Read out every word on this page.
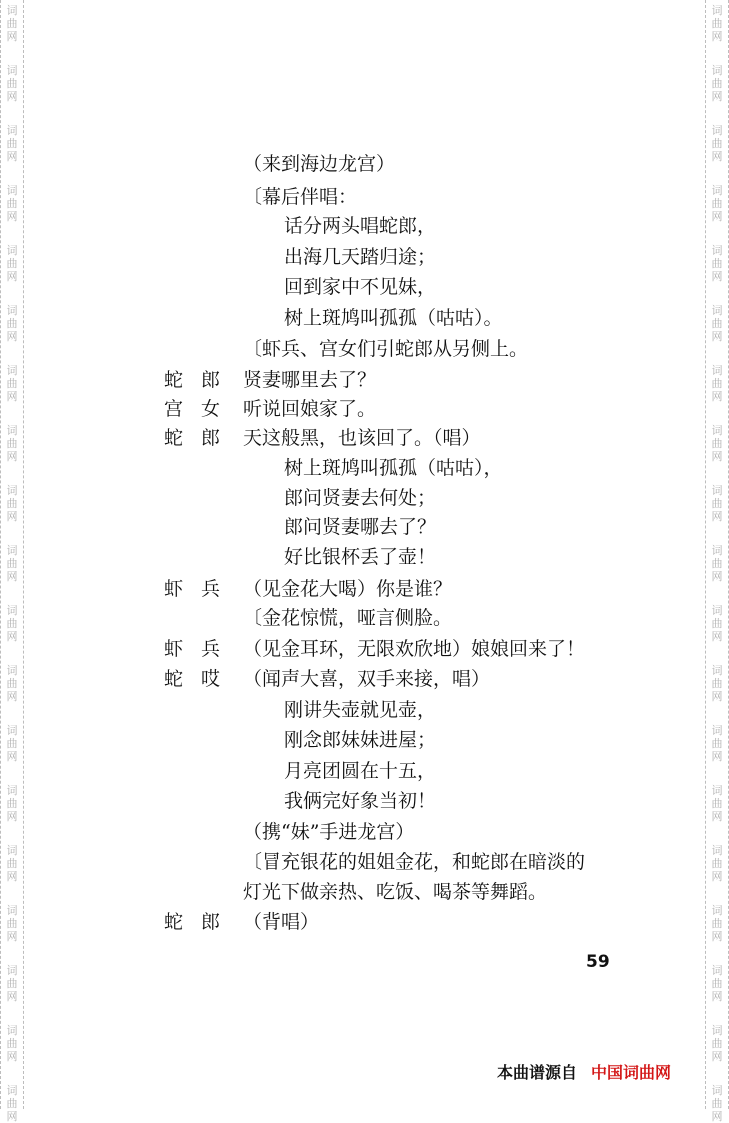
词
曲
网
词
曲
网
词
曲
网
词
曲
网
词
曲
网
词
曲
网
词
曲
网
词
曲
网
词
曲
网
词
曲
网
词
曲
网
词
曲
网
词
曲
网
词
曲
网
词
曲
网
词
曲
网
词
曲
网
词
曲
网
词
曲
网
词
曲
网
词
曲
网
词
曲
网
词
曲
网
词
曲
网
词
曲
网
词
曲
网
词
曲
网
词
曲
网
词
曲
网
词
曲
网
词
曲
网
词
曲
网
词
曲
网
词
曲
网
词
曲
网
词
曲
网
词
曲
网
词
曲
网
（来到海边龙宫）
〔幕后伴唱：
话分两头唱蛇郎，
出海几天踏归途；
回到家中不见妹，
树上斑鸠叫孤孤（咕咕）。
〔虾兵、宫女们引蛇郎从另侧上。
蛇郎 贤妻哪里去了？
宫女 听说回娘家了。
蛇郎 天这般黑，也该回了。（唱）
树上斑鸠叫孤孤（咕咕），
郎问贤妻去何处；
郎问贤妻哪去了？
好比银杯丢了壶！
虾兵 （见金花大喝）你是谁？
〔金花惊慌，哑言侧脸。
虾兵 （见金耳环，无限欢欣地）娘娘回来了！
蛇哎 （闻声大喜，双手来接，唱）
刚讲失壶就见壶，
刚念郎妹妹进屋；
月亮团圆在十五，
我俩完好象当初！
（携“妹”手进龙宫）
〔冒充银花的姐姐金花，和蛇郎在暗淡的
灯光下做亲热、吃饭、喝茶等舞蹈。
蛇郎 （背唱）
59
本曲谱源自 中国词曲网
